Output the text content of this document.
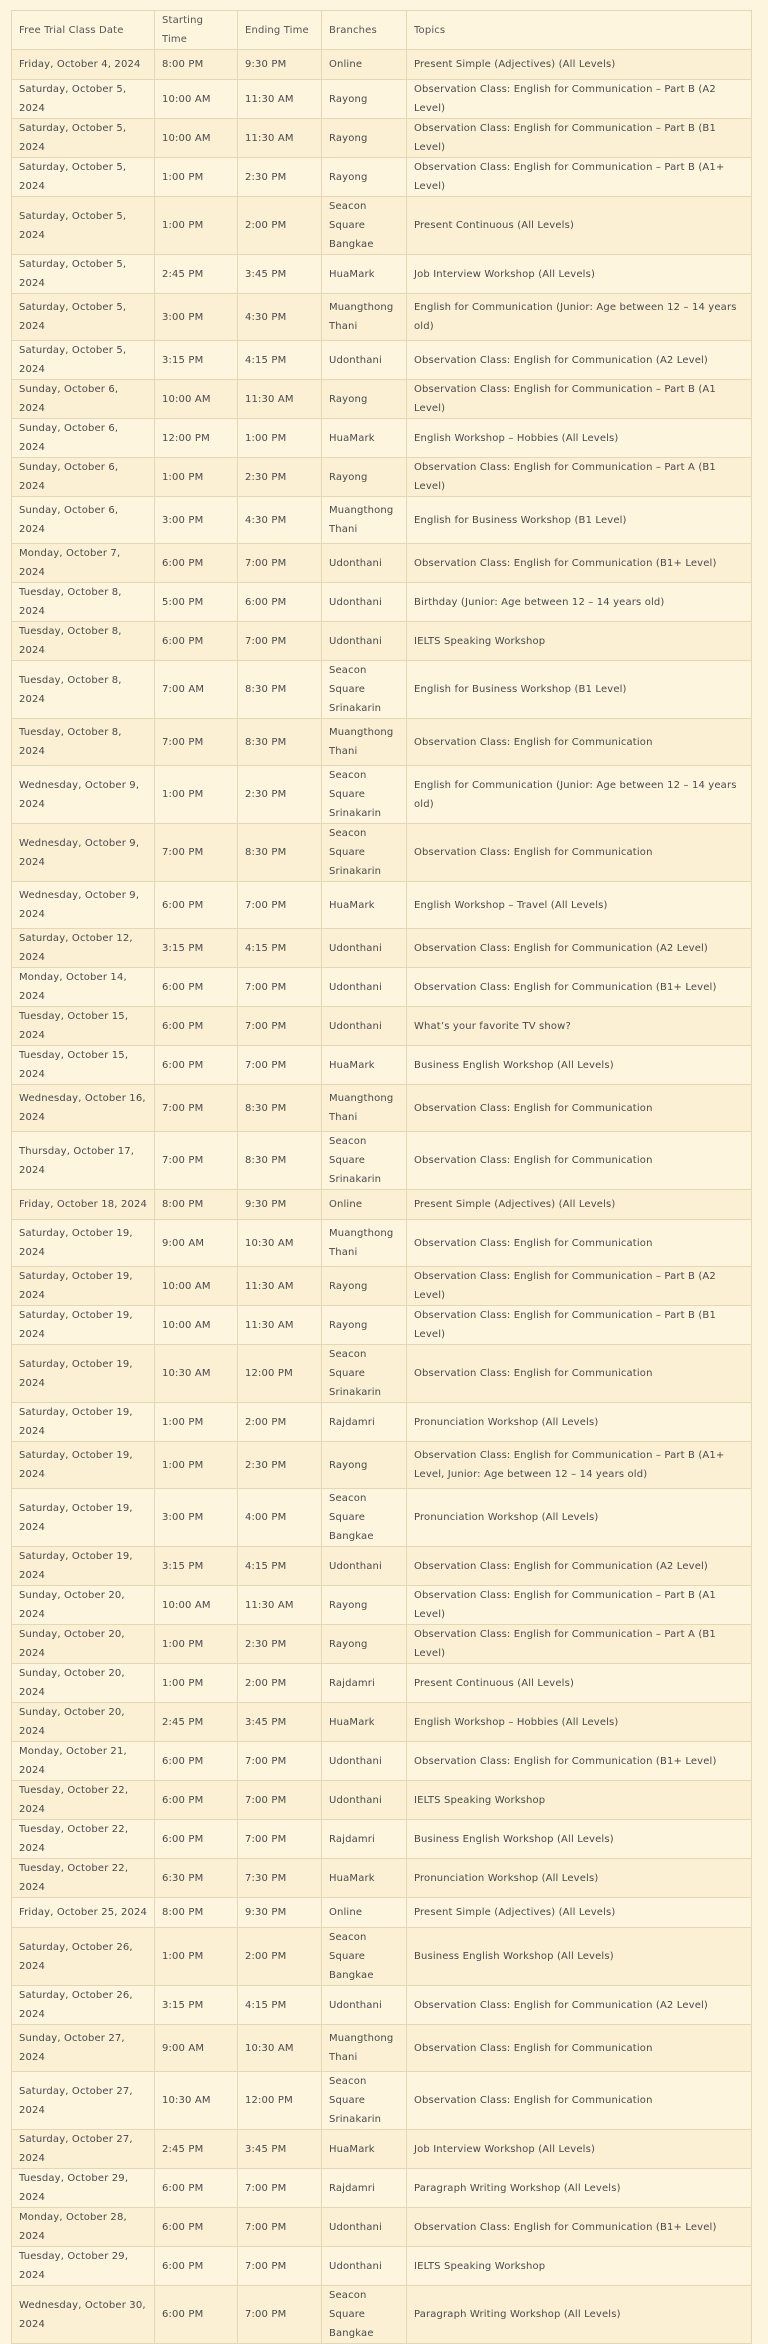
Free Trial Class Date	Starting Time	Ending Time	Branches	Topics
Friday, October 4, 2024	8:00 PM	9:30 PM	Online	Present Simple (Adjectives) (All Levels)
Saturday, October 5, 2024	10:00 AM	11:30 AM	Rayong	Observation Class: English for Communication – Part B (A2 Level)
Saturday, October 5, 2024	10:00 AM	11:30 AM	Rayong	Observation Class: English for Communication – Part B (B1 Level)
Saturday, October 5, 2024	1:00 PM	2:30 PM	Rayong	Observation Class: English for Communication – Part B (A1+ Level)
Saturday, October 5, 2024	1:00 PM	2:00 PM	Seacon Square Bangkae	Present Continuous (All Levels)
Saturday, October 5, 2024	2:45 PM	3:45 PM	HuaMark	Job Interview Workshop (All Levels)
Saturday, October 5, 2024	3:00 PM	4:30 PM	Muangthong Thani	English for Communication (Junior: Age between 12 – 14 years old)
Saturday, October 5, 2024	3:15 PM	4:15 PM	Udonthani	Observation Class: English for Communication (A2 Level)
Sunday, October 6, 2024	10:00 AM	11:30 AM	Rayong	Observation Class: English for Communication – Part B (A1 Level)
Sunday, October 6, 2024	12:00 PM	1:00 PM	HuaMark	English Workshop – Hobbies (All Levels)
Sunday, October 6, 2024	1:00 PM	2:30 PM	Rayong	Observation Class: English for Communication – Part A (B1 Level)
Sunday, October 6, 2024	3:00 PM	4:30 PM	Muangthong Thani	English for Business Workshop (B1 Level)
Monday, October 7, 2024	6:00 PM	7:00 PM	Udonthani	Observation Class: English for Communication (B1+ Level)
Tuesday, October 8, 2024	5:00 PM	6:00 PM	Udonthani	Birthday (Junior: Age between 12 – 14 years old)
Tuesday, October 8, 2024	6:00 PM	7:00 PM	Udonthani	IELTS Speaking Workshop
Tuesday, October 8, 2024	7:00 AM	8:30 PM	Seacon Square Srinakarin	English for Business Workshop (B1 Level)
Tuesday, October 8, 2024	7:00 PM	8:30 PM	Muangthong Thani	Observation Class: English for Communication
Wednesday, October 9, 2024	1:00 PM	2:30 PM	Seacon Square Srinakarin	English for Communication (Junior: Age between 12 – 14 years old)
Wednesday, October 9, 2024	7:00 PM	8:30 PM	Seacon Square Srinakarin	Observation Class: English for Communication
Wednesday, October 9, 2024	6:00 PM	7:00 PM	HuaMark	English Workshop – Travel (All Levels)
Saturday, October 12, 2024	3:15 PM	4:15 PM	Udonthani	Observation Class: English for Communication (A2 Level)
Monday, October 14, 2024	6:00 PM	7:00 PM	Udonthani	Observation Class: English for Communication (B1+ Level)
Tuesday, October 15, 2024	6:00 PM	7:00 PM	Udonthani	What’s your favorite TV show?
Tuesday, October 15, 2024	6:00 PM	7:00 PM	HuaMark	Business English Workshop (All Levels)
Wednesday, October 16, 2024	7:00 PM	8:30 PM	Muangthong Thani	Observation Class: English for Communication
Thursday, October 17, 2024	7:00 PM	8:30 PM	Seacon Square Srinakarin	Observation Class: English for Communication
Friday, October 18, 2024	8:00 PM	9:30 PM	Online	Present Simple (Adjectives) (All Levels)
Saturday, October 19, 2024	9:00 AM	10:30 AM	Muangthong Thani	Observation Class: English for Communication
Saturday, October 19, 2024	10:00 AM	11:30 AM	Rayong	Observation Class: English for Communication – Part B (A2 Level)
Saturday, October 19, 2024	10:00 AM	11:30 AM	Rayong	Observation Class: English for Communication – Part B (B1 Level)
Saturday, October 19, 2024	10:30 AM	12:00 PM	Seacon Square Srinakarin	Observation Class: English for Communication
Saturday, October 19, 2024	1:00 PM	2:00 PM	Rajdamri	Pronunciation Workshop (All Levels)
Saturday, October 19, 2024	1:00 PM	2:30 PM	Rayong	Observation Class: English for Communication – Part B (A1+ Level, Junior: Age between 12 – 14 years old)
Saturday, October 19, 2024	3:00 PM	4:00 PM	Seacon Square Bangkae	Pronunciation Workshop (All Levels)
Saturday, October 19, 2024	3:15 PM	4:15 PM	Udonthani	Observation Class: English for Communication (A2 Level)
Sunday, October 20, 2024	10:00 AM	11:30 AM	Rayong	Observation Class: English for Communication – Part B (A1 Level)
Sunday, October 20, 2024	1:00 PM	2:30 PM	Rayong	Observation Class: English for Communication – Part A (B1 Level)
Sunday, October 20, 2024	1:00 PM	2:00 PM	Rajdamri	Present Continuous (All Levels)
Sunday, October 20, 2024	2:45 PM	3:45 PM	HuaMark	English Workshop – Hobbies (All Levels)
Monday, October 21, 2024	6:00 PM	7:00 PM	Udonthani	Observation Class: English for Communication (B1+ Level)
Tuesday, October 22, 2024	6:00 PM	7:00 PM	Udonthani	IELTS Speaking Workshop
Tuesday, October 22, 2024	6:00 PM	7:00 PM	Rajdamri	Business English Workshop (All Levels)
Tuesday, October 22, 2024	6:30 PM	7:30 PM	HuaMark	Pronunciation Workshop (All Levels)
Friday, October 25, 2024	8:00 PM	9:30 PM	Online	Present Simple (Adjectives) (All Levels)
Saturday, October 26, 2024	1:00 PM	2:00 PM	Seacon Square Bangkae	Business English Workshop (All Levels)
Saturday, October 26, 2024	3:15 PM	4:15 PM	Udonthani	Observation Class: English for Communication (A2 Level)
Sunday, October 27, 2024	9:00 AM	10:30 AM	Muangthong Thani	Observation Class: English for Communication
Saturday, October 27, 2024	10:30 AM	12:00 PM	Seacon Square Srinakarin	Observation Class: English for Communication
Saturday, October 27, 2024	2:45 PM	3:45 PM	HuaMark	Job Interview Workshop (All Levels)
Tuesday, October 29, 2024	6:00 PM	7:00 PM	Rajdamri	Paragraph Writing Workshop (All Levels)
Monday, October 28, 2024	6:00 PM	7:00 PM	Udonthani	Observation Class: English for Communication (B1+ Level)
Tuesday, October 29, 2024	6:00 PM	7:00 PM	Udonthani	IELTS Speaking Workshop
Wednesday, October 30, 2024	6:00 PM	7:00 PM	Seacon Square Bangkae	Paragraph Writing Workshop (All Levels)
